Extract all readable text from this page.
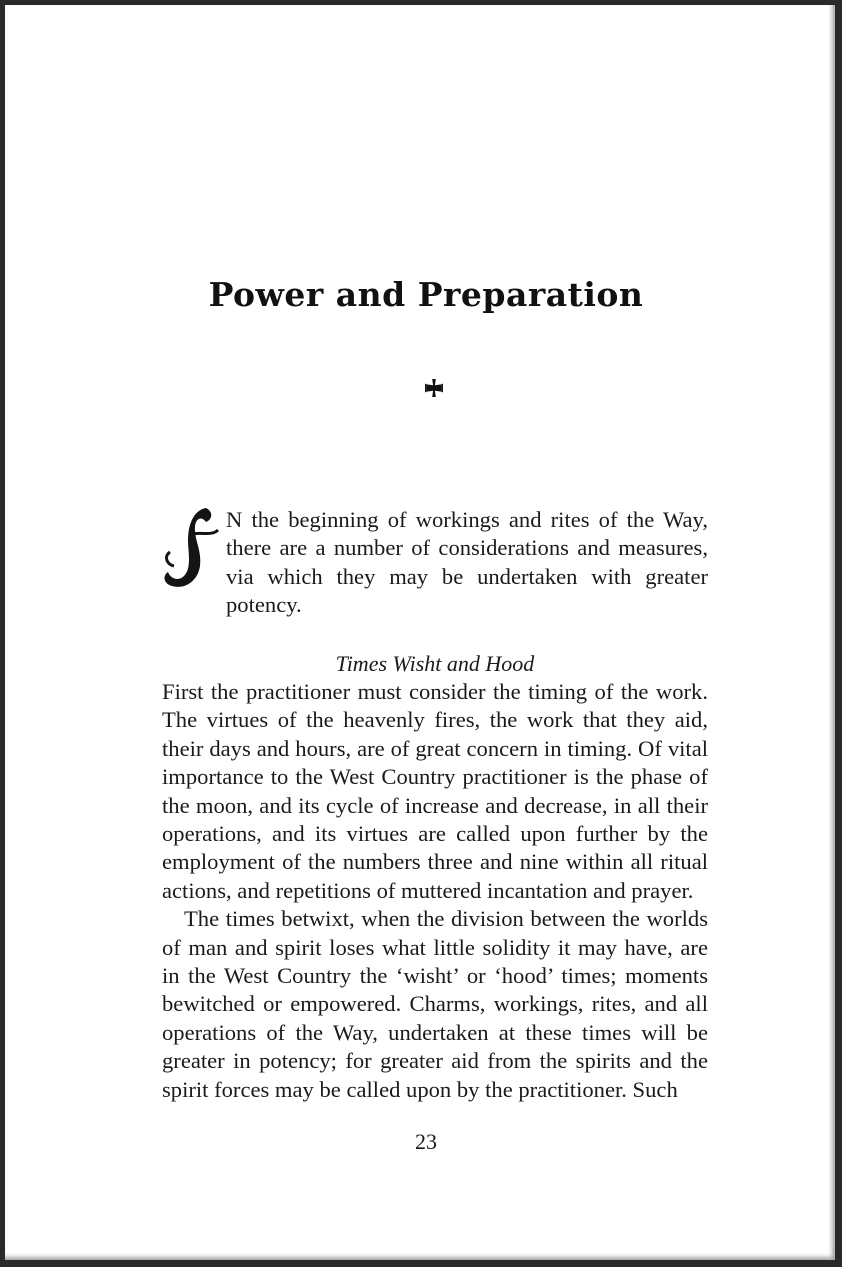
Power and Preparation
N the beginning of workings and rites of the Way, there are a number of considerations and measures, via which they may be undertaken with greater potency.
Times Wisht and Hood

First the practitioner must consider the timing of the work. The virtues of the heavenly fires, the work that they aid, their days and hours, are of great concern in timing. Of vital importance to the West Country practitioner is the phase of the moon, and its cycle of increase and decrease, in all their operations, and its virtues are called upon further by the employment of the numbers three and nine within all ritual actions, and repetitions of muttered incantation and prayer.

The times betwixt, when the division between the worlds of man and spirit loses what little solidity it may have, are in the West Country the ‘wisht’ or ‘hood’ times; moments bewitched or empowered. Charms, workings, rites, and all operations of the Way, undertaken at these times will be greater in potency; for greater aid from the spirits and the spirit forces may be called upon by the practitioner. Such

23
